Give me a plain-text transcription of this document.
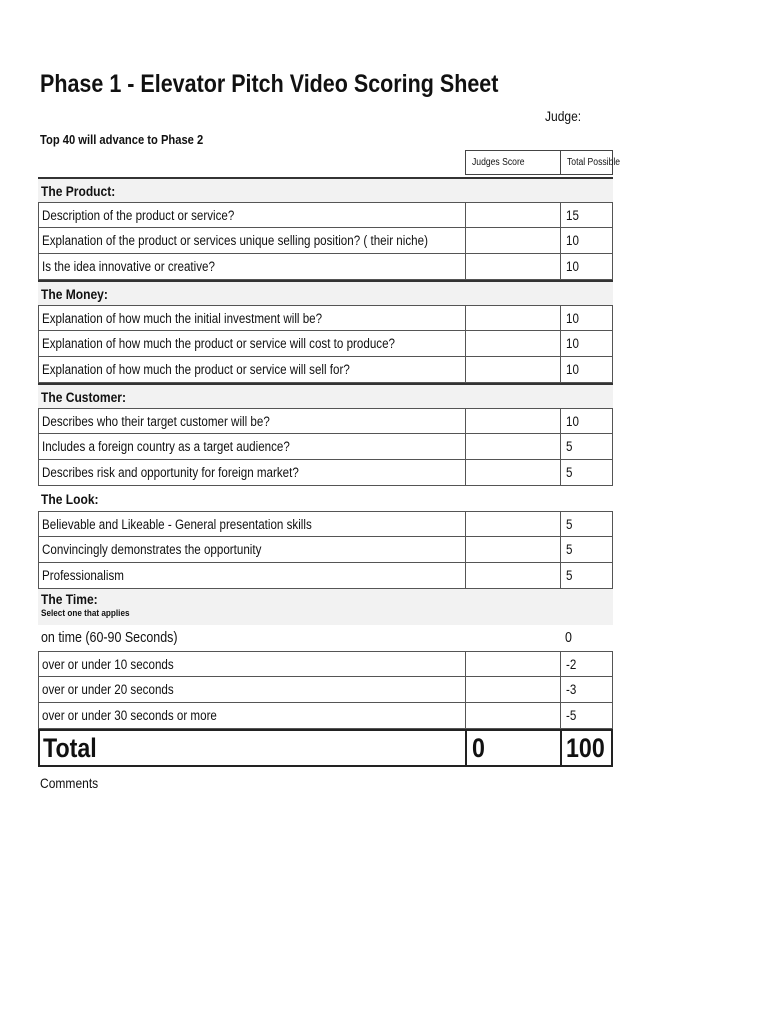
Phase 1 - Elevator Pitch Video Scoring Sheet
Judge:
Top 40 will advance to Phase 2
Judges Score	Total Possible
The Product:
Description of the product or service?	15
Explanation of the product or services unique selling position? ( their niche)	10
Is the idea innovative or creative?	10
The Money:
Explanation of how much the initial investment will be?	10
Explanation of how much the product or service will cost to produce?	10
Explanation of how much the product or service will sell for?	10
The Customer:
Describes who their target customer will be?	10
Includes a foreign country as a target audience?	5
Describes risk and opportunity for foreign market?	5
The Look:
Believable and Likeable - General presentation skills	5
Convincingly demonstrates the opportunity	5
Professionalism	5
The Time:
Select one that applies
on time (60-90 Seconds)	0
over or under 10 seconds	-2
over or under 20 seconds	-3
over or under 30 seconds or more	-5
Total	0	100
Comments
